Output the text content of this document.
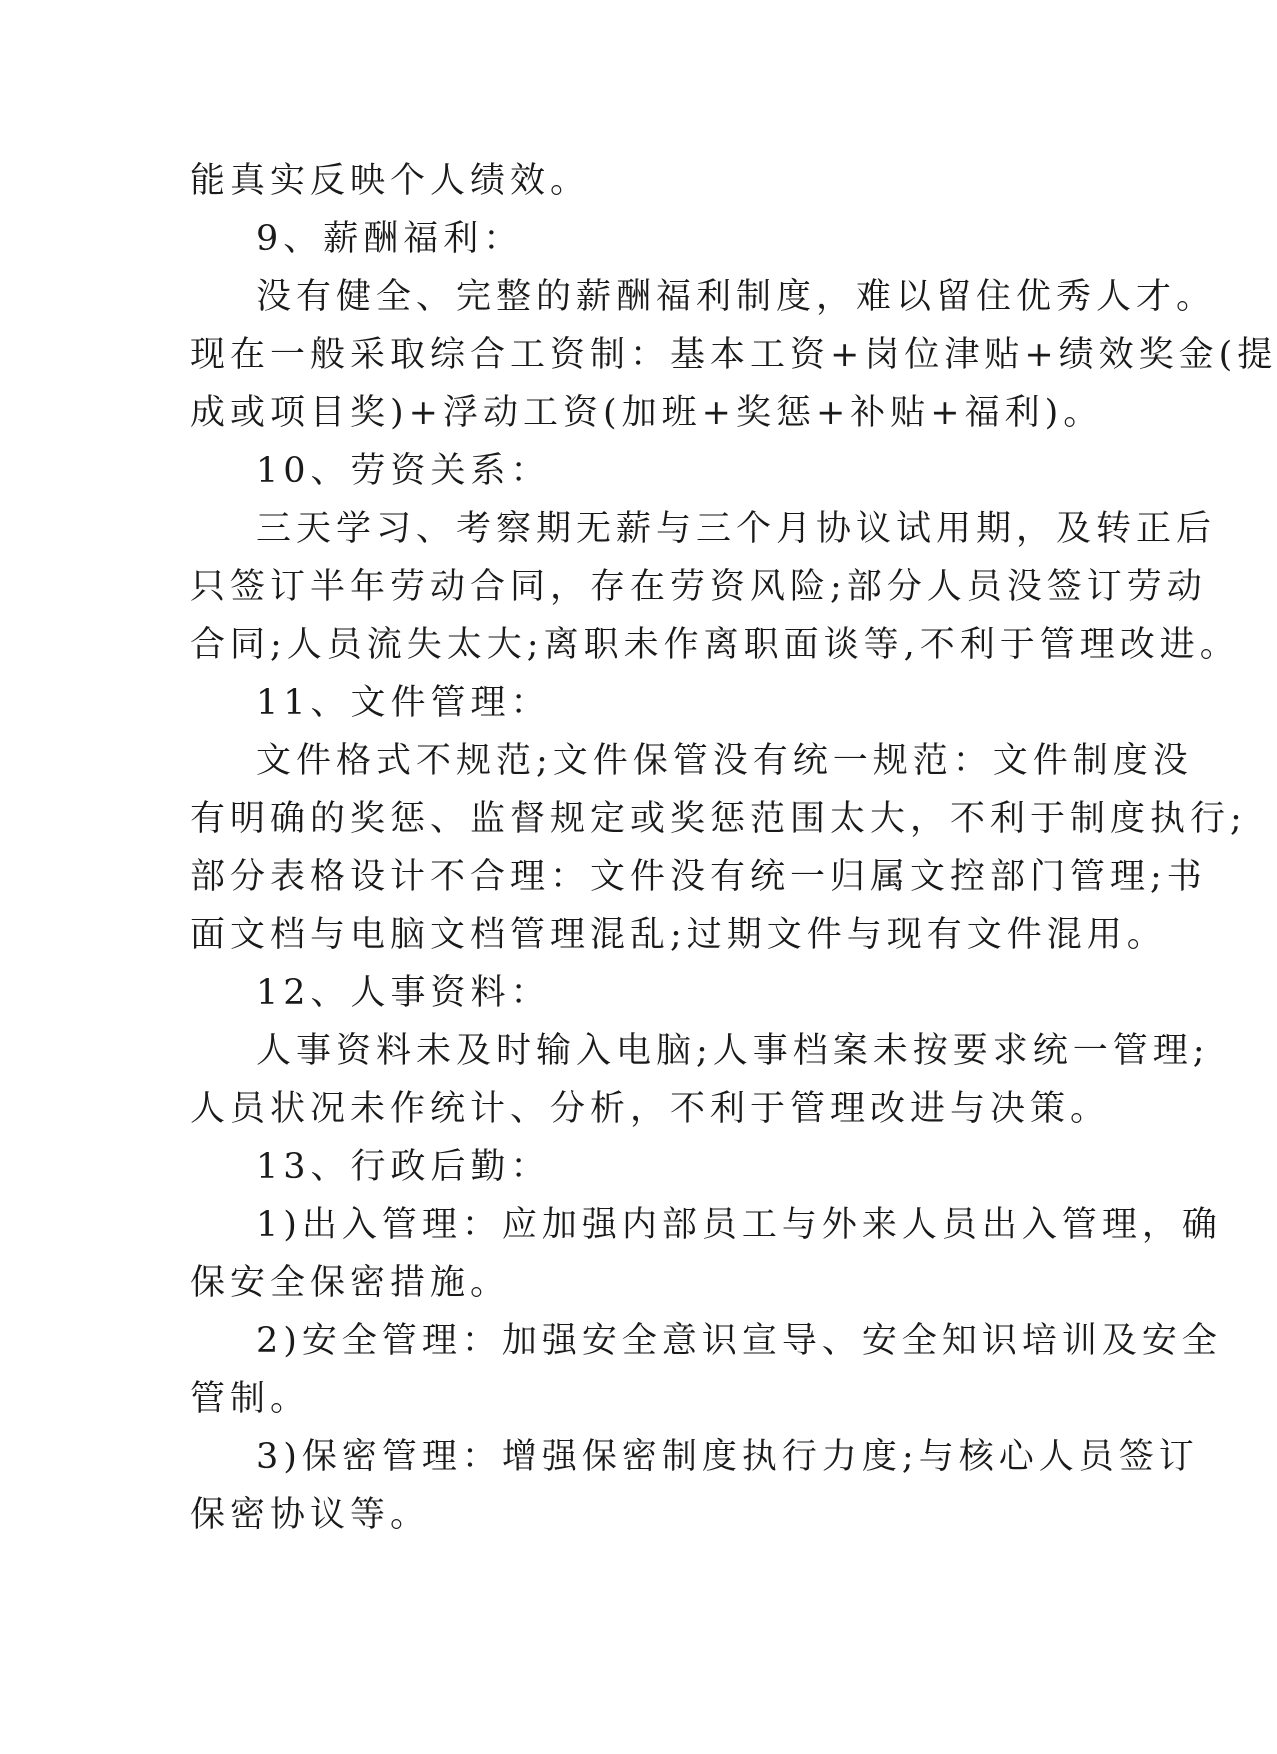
能真实反映个人绩效。
9、薪酬福利：
没有健全、完整的薪酬福利制度，难以留住优秀人才。
现在一般采取综合工资制：基本工资+岗位津贴+绩效奖金(提
成或项目奖)+浮动工资(加班+奖惩+补贴+福利)。
10、劳资关系：
三天学习、考察期无薪与三个月协议试用期，及转正后
只签订半年劳动合同，存在劳资风险;部分人员没签订劳动
合同;人员流失太大;离职未作离职面谈等,不利于管理改进。
11、文件管理：
文件格式不规范;文件保管没有统一规范：文件制度没
有明确的奖惩、监督规定或奖惩范围太大，不利于制度执行;
部分表格设计不合理：文件没有统一归属文控部门管理;书
面文档与电脑文档管理混乱;过期文件与现有文件混用。
12、人事资料：
人事资料未及时输入电脑;人事档案未按要求统一管理;
人员状况未作统计、分析，不利于管理改进与决策。
13、行政后勤：
1)出入管理：应加强内部员工与外来人员出入管理，确
保安全保密措施。
2)安全管理：加强安全意识宣导、安全知识培训及安全
管制。
3)保密管理：增强保密制度执行力度;与核心人员签订
保密协议等。
